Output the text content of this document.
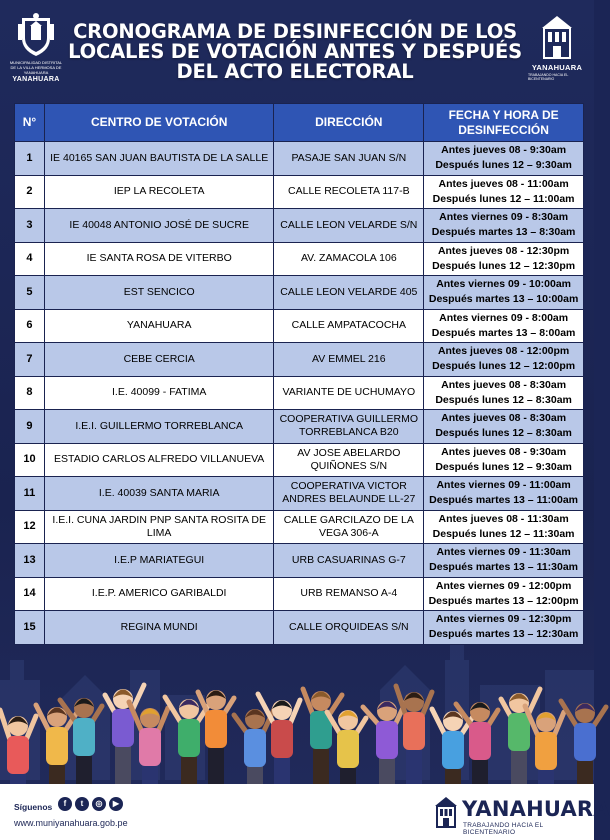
MUNICIPALIDAD DISTRITAL DE LA VILLA HERMOSA DE YANAHUARA
YANAHUARA
CRONOGRAMA DE DESINFECCIÓN DE LOS
LOCALES DE VOTACIÓN ANTES Y DESPUÉS
DEL ACTO ELECTORAL	YANAHUARA
TRABAJANDO HACIA EL BICENTENARIO
N°	CENTRO DE VOTACIÓN	DIRECCIÓN	FECHA Y HORA DE DESINFECCIÓN
1	IE 40165 SAN JUAN BAUTISTA DE LA SALLE	PASAJE SAN JUAN S/N	Antes jueves 08 - 9:30am
Después lunes 12 – 9:30am

2	IEP LA RECOLETA	CALLE RECOLETA 117-B	Antes jueves 08 - 11:00am
Después lunes 12 – 11:00am

3	IE 40048 ANTONIO JOSÉ DE SUCRE	CALLE LEON VELARDE S/N	Antes viernes 09 - 8:30am
Después martes 13 – 8:30am

4	IE SANTA ROSA DE VITERBO	AV. ZAMACOLA 106	Antes jueves 08 - 12:30pm
Después lunes 12 – 12:30pm

5	EST SENCICO	CALLE LEON VELARDE 405	Antes viernes 09 - 10:00am
Después martes 13 – 10:00am

6	YANAHUARA	CALLE AMPATACOCHA	Antes viernes 09 - 8:00am
Después martes 13 – 8:00am

7	CEBE CERCIA	AV EMMEL 216	Antes jueves 08 - 12:00pm
Después lunes 12 – 12:00pm

8	I.E. 40099 - FATIMA	VARIANTE DE UCHUMAYO	Antes jueves 08 - 8:30am
Después lunes 12 – 8:30am

9	I.E.I. GUILLERMO TORREBLANCA	COOPERATIVA GUILLERMO TORREBLANCA B20	Antes jueves 08 - 8:30am
Después lunes 12 – 8:30am

10	ESTADIO CARLOS ALFREDO VILLANUEVA	AV JOSE ABELARDO QUIÑONES S/N	Antes jueves 08 - 9:30am
Después lunes 12 – 9:30am

11	I.E. 40039 SANTA MARIA	COOPERATIVA VICTOR ANDRES BELAUNDE LL-27	Antes viernes 09 - 11:00am
Después martes 13 – 11:00am

12	I.E.I. CUNA JARDIN PNP SANTA ROSITA DE LIMA	CALLE GARCILAZO DE LA VEGA 306-A	Antes jueves 08 - 11:30am
Después lunes 12 – 11:30am

13	I.E.P MARIATEGUI	URB CASUARINAS G-7	Antes viernes 09 - 11:30am
Después martes 13 – 11:30am

14	I.E.P. AMERICO GARIBALDI	URB REMANSO A-4	Antes viernes 09 - 12:00pm
Después martes 13 – 12:00pm

15	REGINA MUNDI	CALLE ORQUIDEAS S/N	Antes viernes 09 - 12:30pm
Después martes 13 – 12:30am
Síguenos	f	t	◎	▶
www.muniyanahuara.gob.pe
YANAHUARA
TRABAJANDO HACIA EL BICENTENARIO
